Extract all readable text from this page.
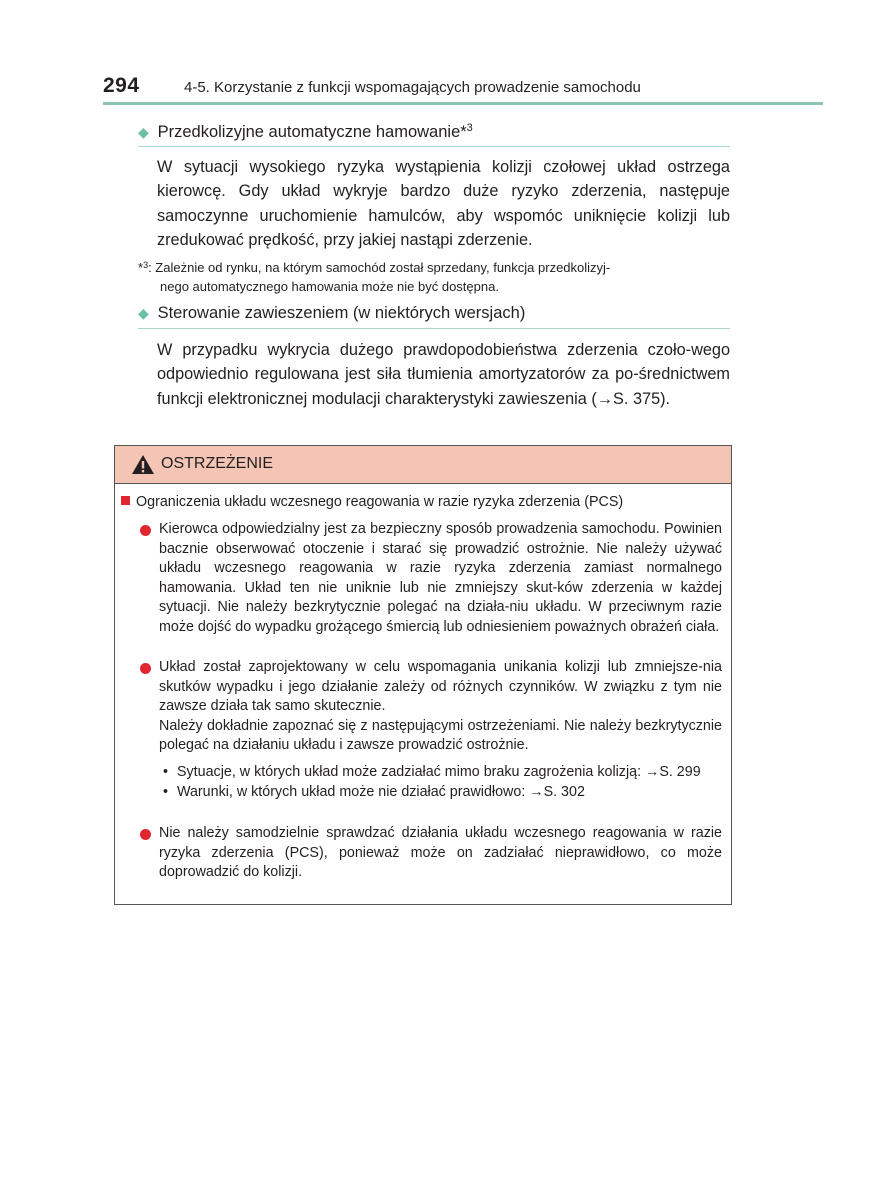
294	4-5. Korzystanie z funkcji wspomagających prowadzenie samochodu
◆ Przedkolizyjne automatyczne hamowanie*$^3$
W sytuacji wysokiego ryzyka wystąpienia kolizji czołowej układ ostrzega kierowcę. Gdy układ wykryje bardzo duże ryzyko zderzenia, następuje samoczynne uruchomienie hamulców, aby wspomóc uniknięcie kolizji lub zredukować prędkość, przy jakiej nastąpi zderzenie.
*$^3$: Zależnie od rynku, na którym samochód został sprzedany, funkcja przedkolizyj-
nego automatycznego hamowania może nie być dostępna.
◆ Sterowanie zawieszeniem (w niektórych wersjach)
W przypadku wykrycia dużego prawdopodobieństwa zderzenia czoło-wego odpowiednio regulowana jest siła tłumienia amortyzatorów za po-średnictwem funkcji elektronicznej modulacji charakterystyki zawieszenia (→S. 375).
OSTRZEŻENIE
Ograniczenia układu wczesnego reagowania w razie ryzyka zderzenia (PCS)
Kierowca odpowiedzialny jest za bezpieczny sposób prowadzenia samochodu. Powinien bacznie obserwować otoczenie i starać się prowadzić ostrożnie. Nie należy używać układu wczesnego reagowania w razie ryzyka zderzenia zamiast normalnego hamowania. Układ ten nie uniknie lub nie zmniejszy skut-ków zderzenia w każdej sytuacji. Nie należy bezkrytycznie polegać na działa-niu układu. W przeciwnym razie może dojść do wypadku grożącego śmiercią lub odniesieniem poważnych obrażeń ciała.
Układ został zaprojektowany w celu wspomagania unikania kolizji lub zmniejsze-nia skutków wypadku i jego działanie zależy od różnych czynników. W związku z tym nie zawsze działa tak samo skutecznie.
Należy dokładnie zapoznać się z następującymi ostrzeżeniami. Nie należy bezkrytycznie polegać na działaniu układu i zawsze prowadzić ostrożnie.
• Sytuacje, w których układ może zadziałać mimo braku zagrożenia kolizją: →S. 299
• Warunki, w których układ może nie działać prawidłowo: →S. 302
Nie należy samodzielnie sprawdzać działania układu wczesnego reagowania w razie ryzyka zderzenia (PCS), ponieważ może on zadziałać nieprawidłowo, co może doprowadzić do kolizji.
